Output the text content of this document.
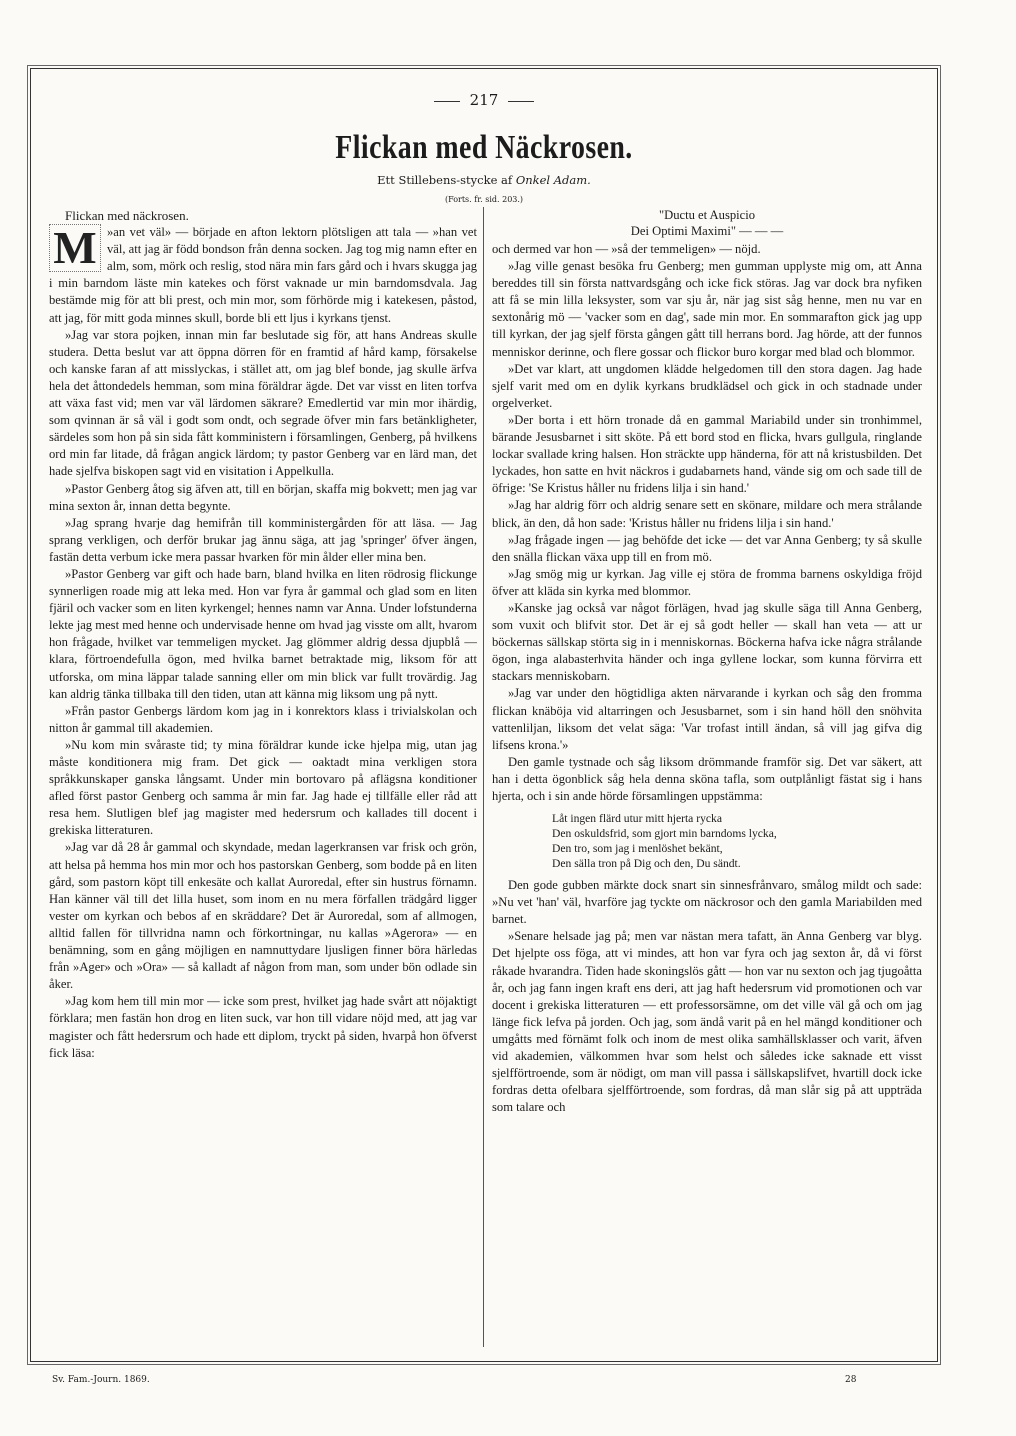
217
Flickan med Näckrosen.
Ett Stillebens-stycke af Onkel Adam.
(Forts. fr. sid. 203.)

Flickan med näckrosen.

M »an vet väl» — började en afton lektorn plötsligen att tala — »han vet väl, att jag är född bondson från denna socken. Jag tog mig namn efter en alm, som, mörk och reslig, stod nära min fars gård och i hvars skugga jag i min barndom läste min katekes och först vaknade ur min barndomsdvala. Jag bestämde mig för att bli prest, och min mor, som förhörde mig i katekesen, påstod, att jag, för mitt goda minnes skull, borde bli ett ljus i kyrkans tjenst.

»Jag var stora pojken, innan min far beslutade sig för, att hans Andreas skulle studera. Detta beslut var att öppna dörren för en framtid af hård kamp, försakelse och kanske faran af att misslyckas, i stället att, om jag blef bonde, jag skulle ärfva hela det åttondedels hemman, som mina föräldrar ägde. Det var visst en liten torfva att växa fast vid; men var väl lärdomen säkrare? Emedlertid var min mor ihärdig, som qvinnan är så väl i godt som ondt, och segrade öfver min fars betänkligheter, särdeles som hon på sin sida fått komministern i församlingen, Genberg, på hvilkens ord min far litade, då frågan angick lärdom; ty pastor Genberg var en lärd man, det hade sjelfva biskopen sagt vid en visitation i Appelkulla.

»Pastor Genberg åtog sig äfven att, till en början, skaffa mig bokvett; men jag var mina sexton år, innan detta begynte.

»Jag sprang hvarje dag hemifrån till komministergården för att läsa. — Jag sprang verkligen, och derför brukar jag ännu säga, att jag 'springer' öfver ängen, fastän detta verbum icke mera passar hvarken för min ålder eller mina ben.

»Pastor Genberg var gift och hade barn, bland hvilka en liten rödrosig flickunge synnerligen roade mig att leka med. Hon var fyra år gammal och glad som en liten fjäril och vacker som en liten kyrkengel; hennes namn var Anna. Under lofstunderna lekte jag mest med henne och undervisade henne om hvad jag visste om allt, hvarom hon frågade, hvilket var temmeligen mycket. Jag glömmer aldrig dessa djupblå — klara, förtroendefulla ögon, med hvilka barnet betraktade mig, liksom för att utforska, om mina läppar talade sanning eller om min blick var fullt trovärdig. Jag kan aldrig tänka tillbaka till den tiden, utan att känna mig liksom ung på nytt.

»Från pastor Genbergs lärdom kom jag in i konrektors klass i trivialskolan och nitton år gammal till akademien.

»Nu kom min svåraste tid; ty mina föräldrar kunde icke hjelpa mig, utan jag måste konditionera mig fram. Det gick — oaktadt mina verkligen stora språkkunskaper ganska långsamt. Under min bortovaro på aflägsna konditioner afled först pastor Genberg och samma år min far. Jag hade ej tillfälle eller råd att resa hem. Slutligen blef jag magister med hedersrum och kallades till docent i grekiska litteraturen.

»Jag var då 28 år gammal och skyndade, medan lagerkransen var frisk och grön, att helsa på hemma hos min mor och hos pastorskan Genberg, som bodde på en liten gård, som pastorn köpt till enkesäte och kallat Auroredal, efter sin hustrus förnamn. Han känner väl till det lilla huset, som inom en nu mera förfallen trädgård ligger vester om kyrkan och bebos af en skräddare? Det är Auroredal, som af allmogen, alltid fallen för tillvridna namn och förkortningar, nu kallas »Agerora» — en benämning, som en gång möjligen en namnuttydare ljusligen finner böra härledas från »Ager» och »Ora» — så kalladt af någon from man, som under bön odlade sin åker.

»Jag kom hem till min mor — icke som prest, hvilket jag hade svårt att nöjaktigt förklara; men fastän hon drog en liten suck, var hon till vidare nöjd med, att jag var magister och fått hedersrum och hade ett diplom, tryckt på siden, hvarpå hon öfverst fick läsa:

"Ductu et Auspicio
Dei Optimi Maximi" — — —

och dermed var hon — »så der temmeligen» — nöjd.

»Jag ville genast besöka fru Genberg; men gumman upplyste mig om, att Anna bereddes till sin första nattvardsgång och icke fick störas. Jag var dock bra nyfiken att få se min lilla leksyster, som var sju år, när jag sist såg henne, men nu var en sextonårig mö — 'vacker som en dag', sade min mor. En sommarafton gick jag upp till kyrkan, der jag sjelf första gången gått till herrans bord. Jag hörde, att der funnos menniskor derinne, och flere gossar och flickor buro korgar med blad och blommor.

»Det var klart, att ungdomen klädde helgedomen till den stora dagen. Jag hade sjelf varit med om en dylik kyrkans brudklädsel och gick in och stadnade under orgelverket.

»Der borta i ett hörn tronade då en gammal Mariabild under sin tronhimmel, bärande Jesusbarnet i sitt sköte. På ett bord stod en flicka, hvars gullgula, ringlande lockar svallade kring halsen. Hon sträckte upp händerna, för att nå kristusbilden. Det lyckades, hon satte en hvit näckros i gudabarnets hand, vände sig om och sade till de öfrige: 'Se Kristus håller nu fridens lilja i sin hand.'

»Jag har aldrig förr och aldrig senare sett en skönare, mildare och mera strålande blick, än den, då hon sade: 'Kristus håller nu fridens lilja i sin hand.'

»Jag frågade ingen — jag behöfde det icke — det var Anna Genberg; ty så skulle den snälla flickan växa upp till en from mö.

»Jag smög mig ur kyrkan. Jag ville ej störa de fromma barnens oskyldiga fröjd öfver att kläda sin kyrka med blommor.

»Kanske jag också var något förlägen, hvad jag skulle säga till Anna Genberg, som vuxit och blifvit stor. Det är ej så godt heller — skall han veta — att ur böckernas sällskap störta sig in i menniskornas. Böckerna hafva icke några strålande ögon, inga alabasterhvita händer och inga gyllene lockar, som kunna förvirra ett stackars menniskobarn.

»Jag var under den högtidliga akten närvarande i kyrkan och såg den fromma flickan knäböja vid altarringen och Jesusbarnet, som i sin hand höll den snöhvita vattenliljan, liksom det velat säga: 'Var trofast intill ändan, så vill jag gifva dig lifsens krona.'»

Den gamle tystnade och såg liksom drömmande framför sig. Det var säkert, att han i detta ögonblick såg hela denna sköna tafla, som outplånligt fästat sig i hans hjerta, och i sin ande hörde församlingen uppstämma:

Låt ingen flärd utur mitt hjerta rycka
Den oskuldsfrid, som gjort min barndoms lycka,
Den tro, som jag i menlöshet bekänt,
Den sälla tron på Dig och den, Du sändt.

Den gode gubben märkte dock snart sin sinnesfrånvaro, smålog mildt och sade: »Nu vet 'han' väl, hvarföre jag tyckte om näckrosor och den gamla Mariabilden med barnet.

»Senare helsade jag på; men var nästan mera tafatt, än Anna Genberg var blyg. Det hjelpte oss föga, att vi mindes, att hon var fyra och jag sexton år, då vi först råkade hvarandra. Tiden hade skoningslös gått — hon var nu sexton och jag tjugoåtta år, och jag fann ingen kraft ens deri, att jag haft hedersrum vid promotionen och var docent i grekiska litteraturen — ett professorsämne, om det ville väl gå och om jag länge fick lefva på jorden. Och jag, som ändå varit på en hel mängd konditioner och umgåtts med förnämt folk och inom de mest olika samhällsklasser och varit, äfven vid akademien, välkommen hvar som helst och således icke saknade ett visst sjelfförtroende, som är nödigt, om man vill passa i sällskapslifvet, hvartill dock icke fordras detta ofelbara sjelfförtroende, som fordras, då man slår sig på att uppträda som talare och

Sv. Fam.-Journ. 1869.	28
